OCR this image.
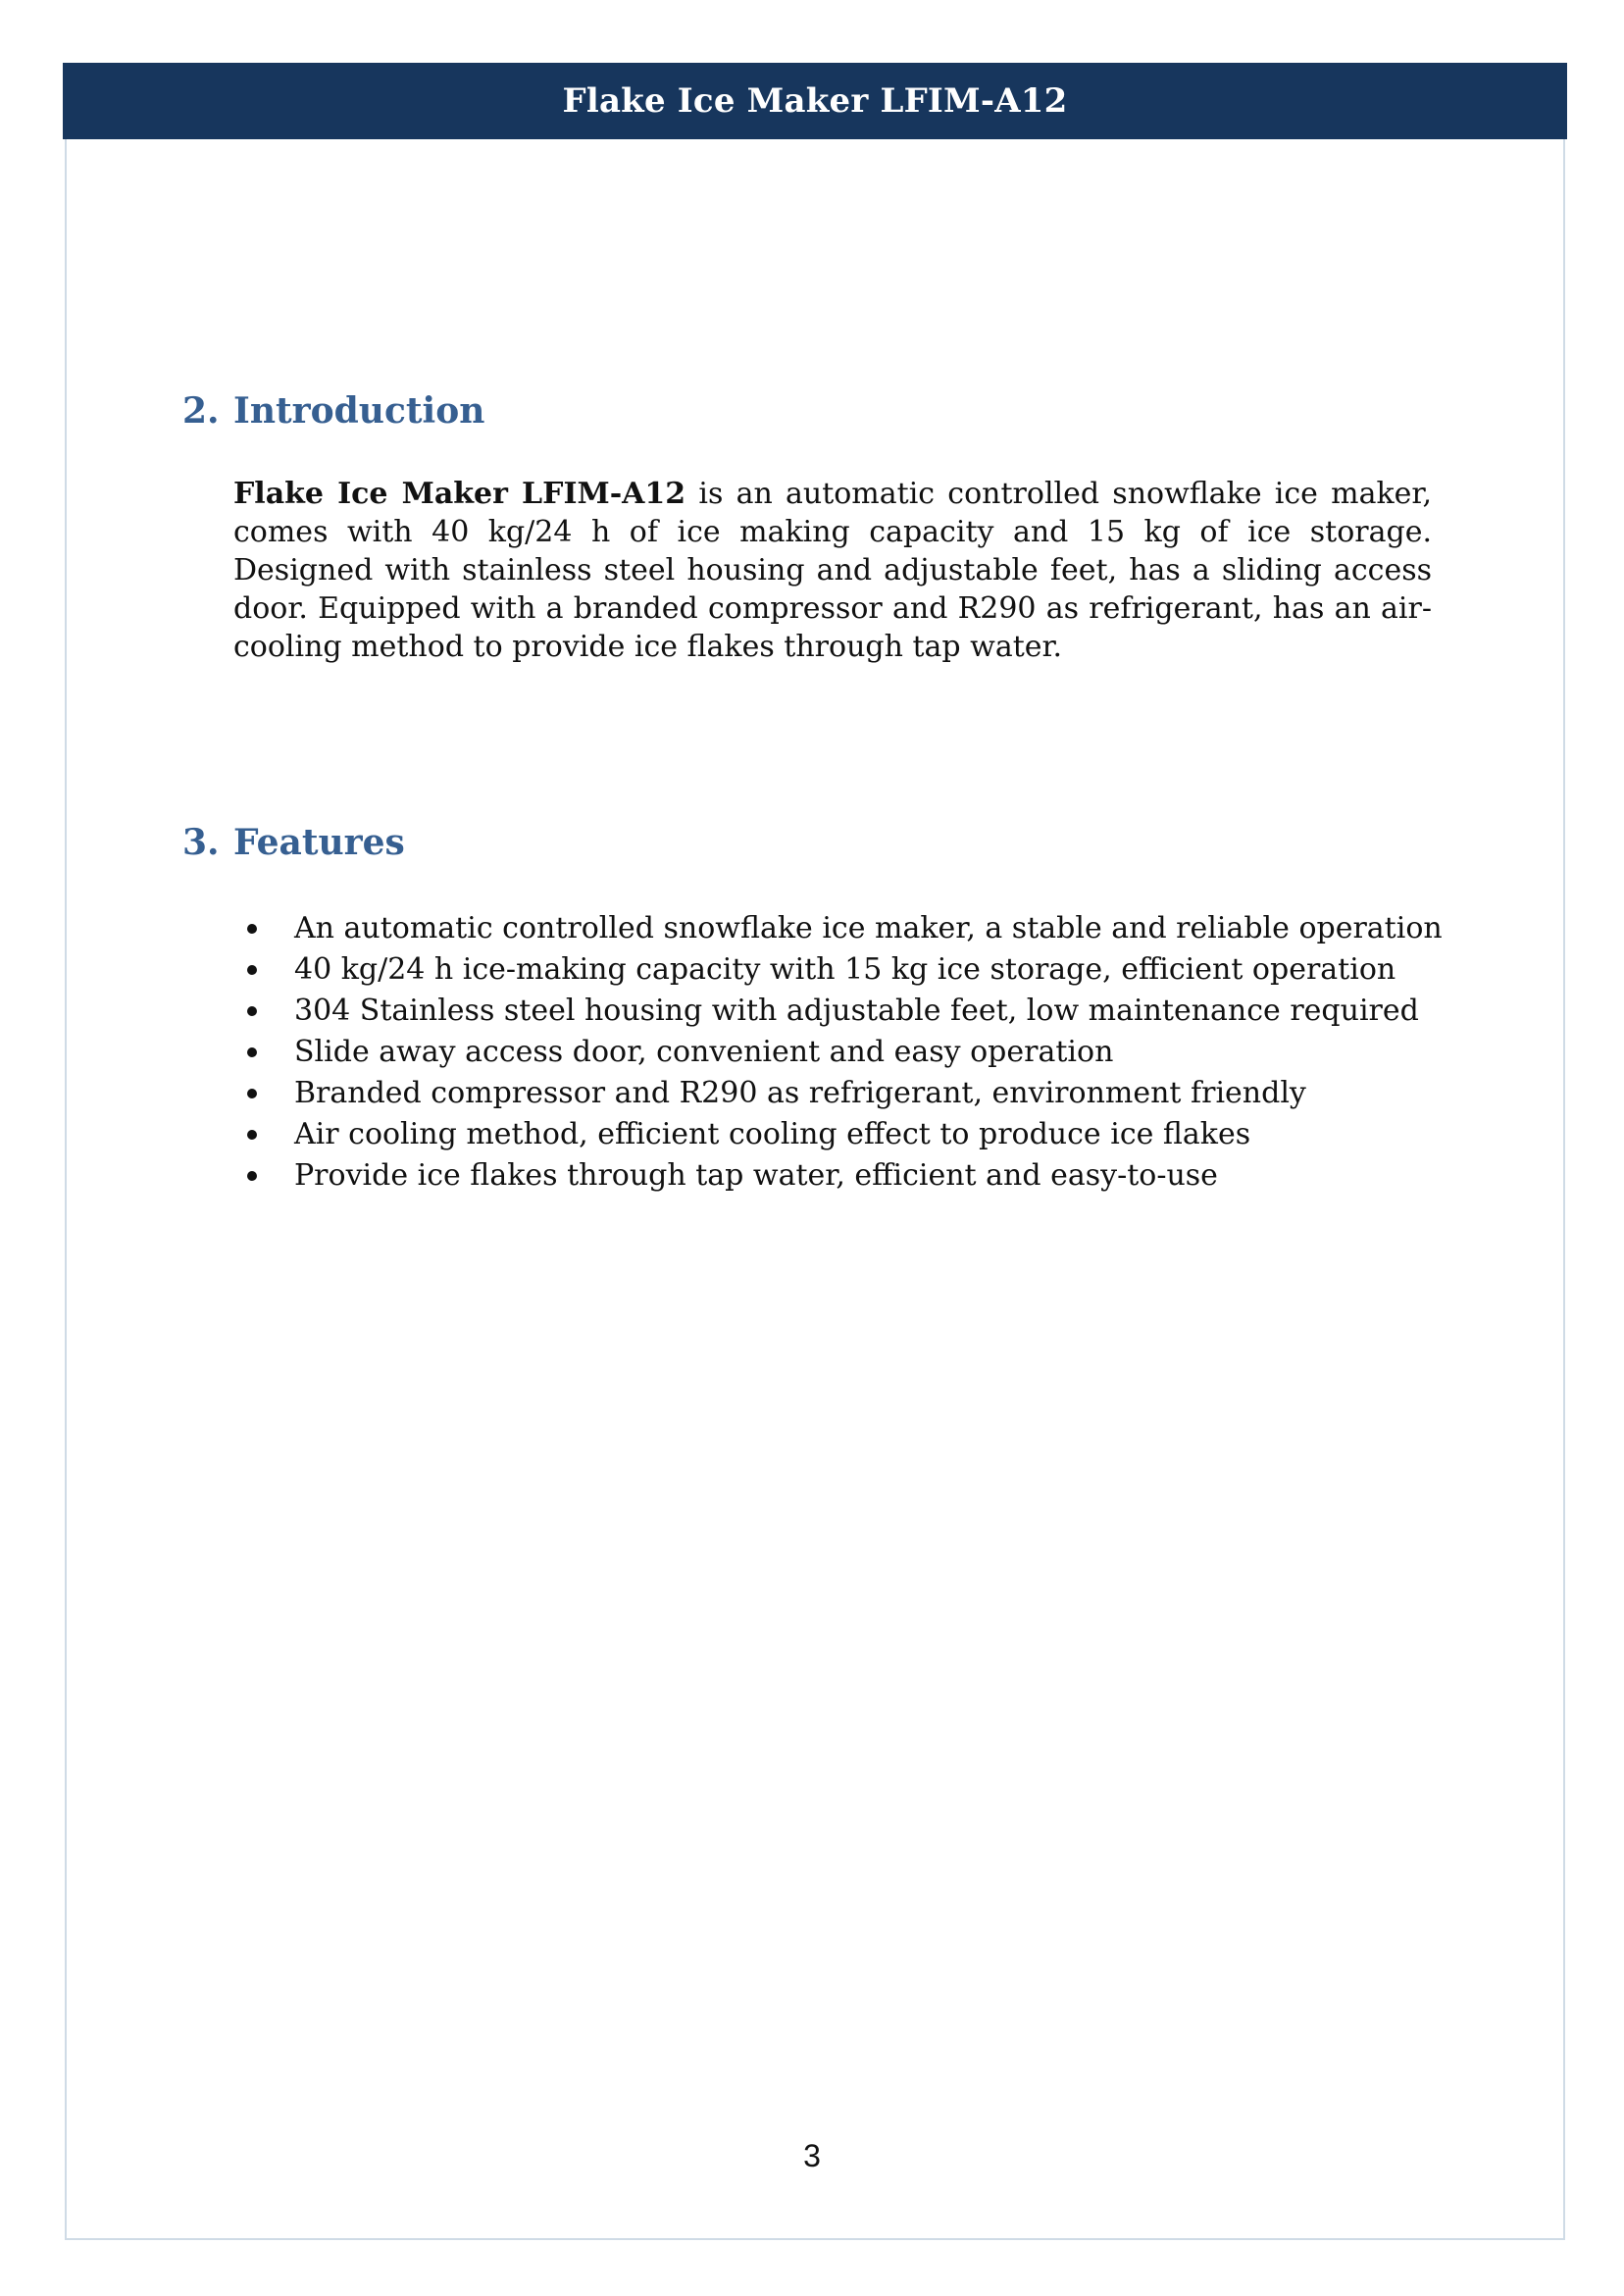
Flake Ice Maker LFIM-A12
2. Introduction

Flake Ice Maker LFIM-A12 is an automatic controlled snowflake ice maker, comes with 40 kg/24 h of ice making capacity and 15 kg of ice storage. Designed with stainless steel housing and adjustable feet, has a sliding access door. Equipped with a branded compressor and R290 as refrigerant, has an air-cooling method to provide ice flakes through tap water.

3. Features
An automatic controlled snowflake ice maker, a stable and reliable operation
40 kg/24 h ice-making capacity with 15 kg ice storage, efficient operation
304 Stainless steel housing with adjustable feet, low maintenance required
Slide away access door, convenient and easy operation
Branded compressor and R290 as refrigerant, environment friendly
Air cooling method, efficient cooling effect to produce ice flakes
Provide ice flakes through tap water, efficient and easy-to-use
3
